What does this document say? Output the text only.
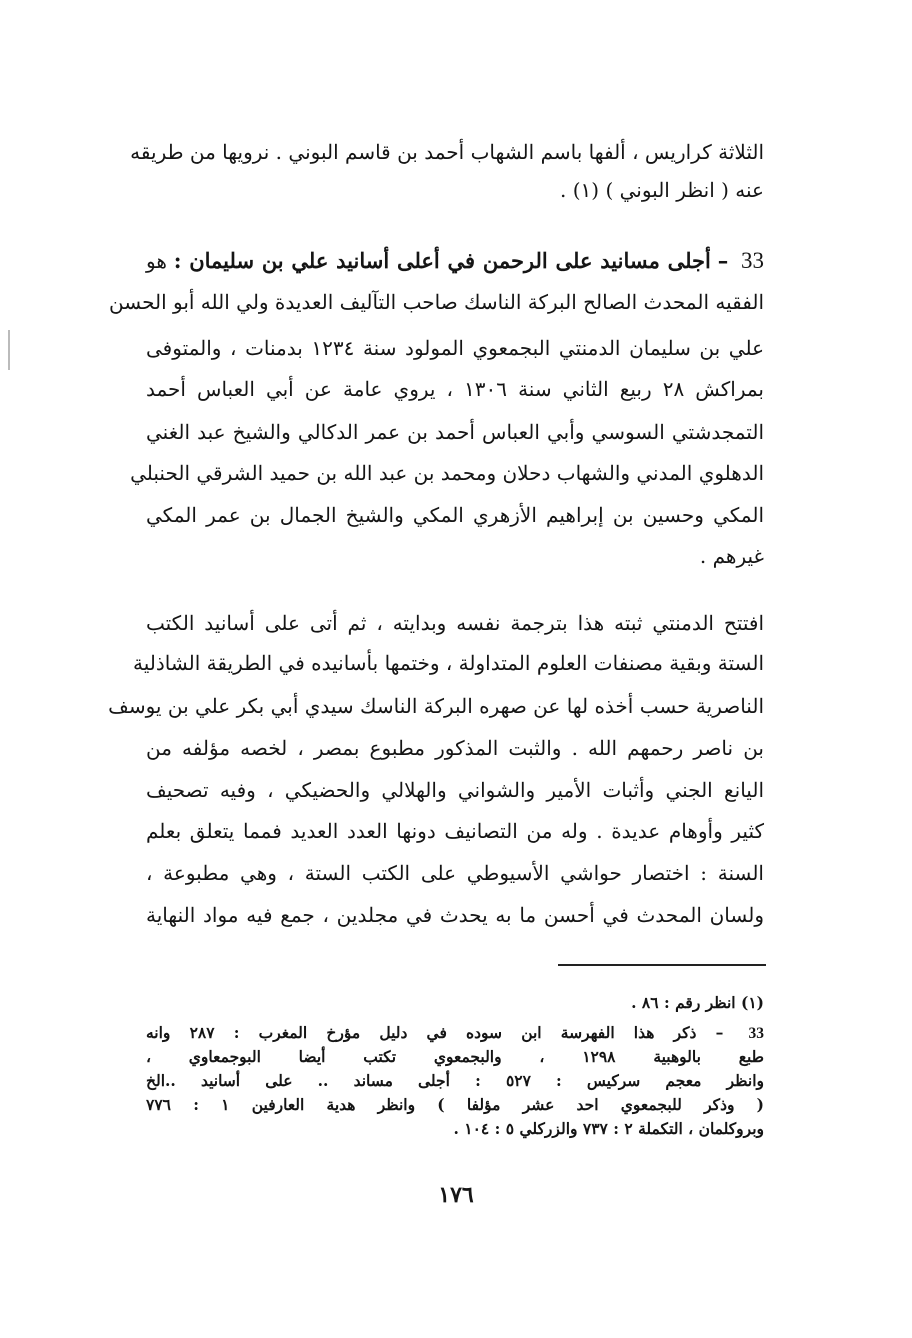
الثلاثة كراريس ، ألفها باسم الشهاب أحمد بن قاسم البوني . نرويها من طريقه
عنه ( انظر البوني ) (١) .
33 – أجلى مسانيد على الرحمن في أعلى أسانيد علي بن سليمان : هو
الفقيه المحدث الصالح البركة الناسك صاحب التآليف العديدة ولي الله أبو الحسن
علي بن سليمان الدمنتي البجمعوي المولود سنة ١٢٣٤ بدمنات ، والمتوفى
بمراكش ٢٨ ربيع الثاني سنة ١٣٠٦ ، يروي عامة عن أبي العباس أحمد
التمجدشتي السوسي وأبي العباس أحمد بن عمر الدكالي والشيخ عبد الغني
الدهلوي المدني والشهاب دحلان ومحمد بن عبد الله بن حميد الشرقي الحنبلي
المكي وحسين بن إبراهيم الأزهري المكي والشيخ الجمال بن عمر المكي
غيرهم .
افتتح الدمنتي ثبته هذا بترجمة نفسه وبدايته ، ثم أتى على أسانيد الكتب
الستة وبقية مصنفات العلوم المتداولة ، وختمها بأسانيده في الطريقة الشاذلية
الناصرية حسب أخذه لها عن صهره البركة الناسك سيدي أبي بكر علي بن يوسف
بن ناصر رحمهم الله . والثبت المذكور مطبوع بمصر ، لخصه مؤلفه من
اليانع الجني وأثبات الأمير والشواني والهلالي والحضيكي ، وفيه تصحيف
كثير وأوهام عديدة . وله من التصانيف دونها العدد العديد فمما يتعلق بعلم
السنة : اختصار حواشي الأسيوطي على الكتب الستة ، وهي مطبوعة ،
ولسان المحدث في أحسن ما به يحدث في مجلدين ، جمع فيه مواد النهاية
(١) انظر رقم : ٨٦ .
33 – ذكر هذا الفهرسة ابن سوده في دليل مؤرخ المغرب : ٢٨٧ وانه
طبع بالوهبية ١٢٩٨ ، والبجمعوي تكتب أيضا البوجمعاوي ،
وانظر معجم سركيس : ٥٢٧ : أجلى مساند .. على أسانيد ..الخ
( وذكر للبجمعوي احد عشر مؤلفا ) وانظر هدية العارفين ١ : ٧٧٦
وبروكلمان ، التكملة ٢ : ٧٣٧ والزركلي ٥ : ١٠٤ .
١٧٦
